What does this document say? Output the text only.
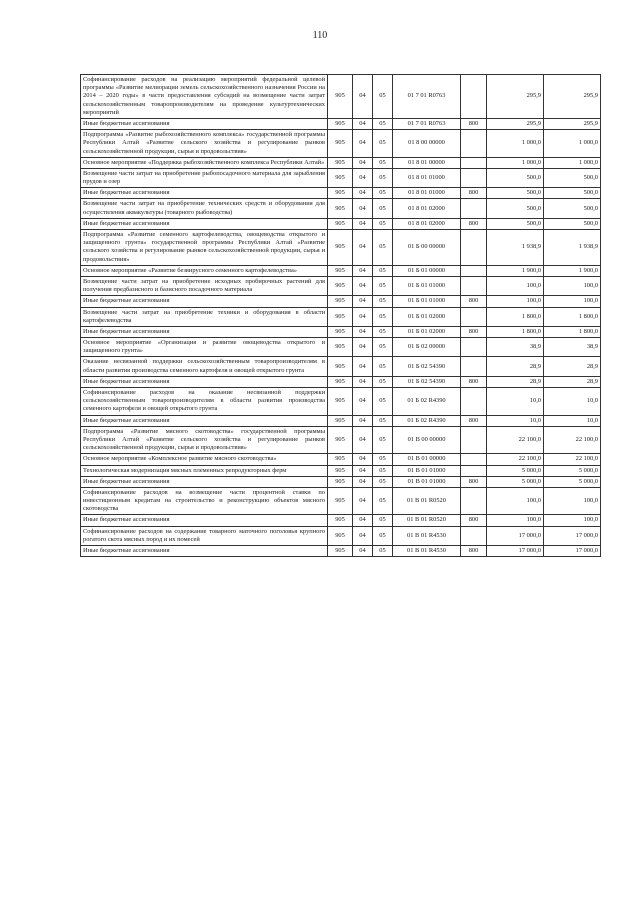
110
Софинансирование расходов на реализацию мероприятий федеральной целевой программы «Развитие мелиорации земель сельскохозяйственного назначения России на 2014 – 2020 годы» в части предоставления субсидий на возмещение части затрат сельскохозяйственным товаропроизводителям на проведение культуртехнических мероприятий	905	04	05	01 7 01 R0763		295,9	295,9
Иные бюджетные ассигнования	905	04	05	01 7 01 R0763	800	295,9	295,9
Подпрограмма «Развитие рыбохозяйственного комплекса» государственной программы Республики Алтай «Развитие сельского хозяйства и регулирование рынков сельскохозяйственной продукции, сырья и продовольствия»	905	04	05	01 8 00 00000		1 000,0	1 000,0
Основное мероприятие «Поддержка рыбохозяйственного комплекса Республики Алтай»	905	04	05	01 8 01 00000		1 000,0	1 000,0
Возмещение части затрат на приобретение рыбопосадочного материала для зарыбления прудов и озер	905	04	05	01 8 01 01000		500,0	500,0
Иные бюджетные ассигнования	905	04	05	01 8 01 01000	800	500,0	500,0
Возмещение части затрат на приобретение технических средств и оборудования для осуществления аквакультуры (товарного рыбоводства)	905	04	05	01 8 01 02000		500,0	500,0
Иные бюджетные ассигнования	905	04	05	01 8 01 02000	800	500,0	500,0
Подпрограмма «Развитие семенного картофелеводства, овощеводства открытого и защищенного грунта» государственной программы Республики Алтай «Развитие сельского хозяйства и регулирование рынков сельскохозяйственной продукции, сырья и продовольствия»	905	04	05	01 Б 00 00000		1 938,9	1 938,9
Основное мероприятие «Развитие безвирусного семенного картофелеводства»	905	04	05	01 Б 01 00000		1 900,0	1 900,0
Возмещение части затрат на приобретение исходных пробирочных растений для получения предбазисного и базисного посадочного материала	905	04	05	01 Б 01 01000		100,0	100,0
Иные бюджетные ассигнования	905	04	05	01 Б 01 01000	800	100,0	100,0
Возмещение части затрат на приобретение техники и оборудования в области картофелеводства	905	04	05	01 Б 01 02000		1 800,0	1 800,0
Иные бюджетные ассигнования	905	04	05	01 Б 01 02000	800	1 800,0	1 800,0
Основное мероприятие «Организация и развитие овощеводства открытого и защищенного грунта»	905	04	05	01 Б 02 00000		38,9	38,9
Оказание несвязанной поддержки сельскохозяйственным товаропроизводителям в области развития производства семенного картофеля и овощей открытого грунта	905	04	05	01 Б 02 54390		28,9	28,9
Иные бюджетные ассигнования	905	04	05	01 Б 02 54390	800	28,9	28,9
Софинансирование расходов на оказание несвязанной поддержки сельскохозяйственным товаропроизводителям в области развития производства семенного картофеля и овощей открытого грунта	905	04	05	01 Б 02 R4390		10,0	10,0
Иные бюджетные ассигнования	905	04	05	01 Б 02 R4390	800	10,0	10,0
Подпрограмма «Развитие мясного скотоводства» государственной программы Республики Алтай «Развитие сельского хозяйства и регулирование рынков сельскохозяйственной продукции, сырья и продовольствия»	905	04	05	01 В 00 00000		22 100,0	22 100,0
Основное мероприятие «Комплексное развитие мясного скотоводства»	905	04	05	01 В 01 00000		22 100,0	22 100,0
Технологическая модернизация мясных племенных репродукторных ферм	905	04	05	01 В 01 01000		5 000,0	5 000,0
Иные бюджетные ассигнования	905	04	05	01 В 01 01000	800	5 000,0	5 000,0
Софинансирование расходов на возмещение части процентной ставки по инвестиционным кредитам на строительство и реконструкцию объектов мясного скотоводства	905	04	05	01 В 01 R0520		100,0	100,0
Иные бюджетные ассигнования	905	04	05	01 В 01 R0520	800	100,0	100,0
Софинансирование расходов на содержание товарного маточного поголовья крупного рогатого скота мясных пород и их помесей	905	04	05	01 В 01 R4530		17 000,0	17 000,0
Иные бюджетные ассигнования	905	04	05	01 В 01 R4530	800	17 000,0	17 000,0
